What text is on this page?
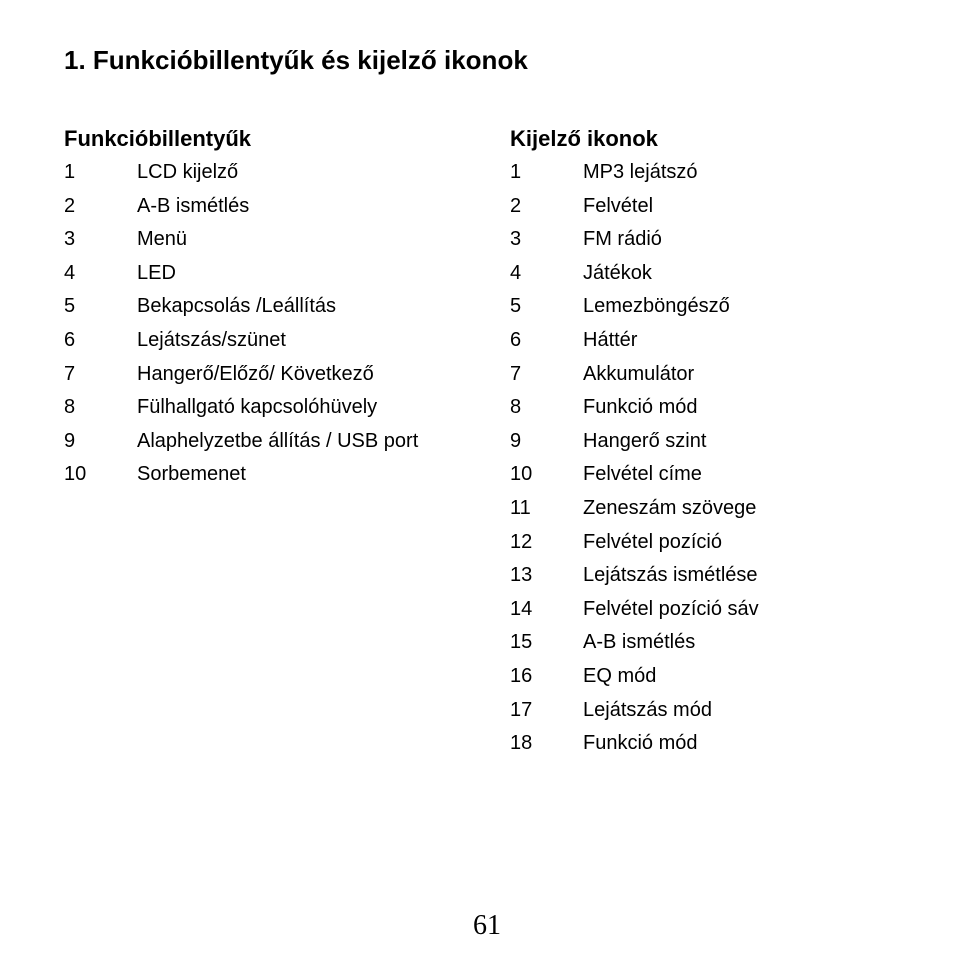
1. Funkcióbillentyűk és kijelző ikonok
Funkcióbillentyűk
1	LCD kijelző
2	A-B ismétlés
3	Menü
4	LED
5	Bekapcsolás /Leállítás
6	Lejátszás/szünet
7	Hangerő/Előző/ Következő
8	Fülhallgató kapcsolóhüvely
9	Alaphelyzetbe állítás / USB port
10	Sorbemenet
Kijelző ikonok
1	MP3 lejátszó
2	Felvétel
3	FM rádió
4	Játékok
5	Lemezböngésző
6	Háttér
7	Akkumulátor
8	Funkció mód
9	Hangerő szint
10	Felvétel címe
11	Zeneszám szövege
12	Felvétel pozíció
13	Lejátszás ismétlése
14	Felvétel pozíció sáv
15	A-B ismétlés
16	EQ mód
17	Lejátszás mód
18	Funkció mód
61
